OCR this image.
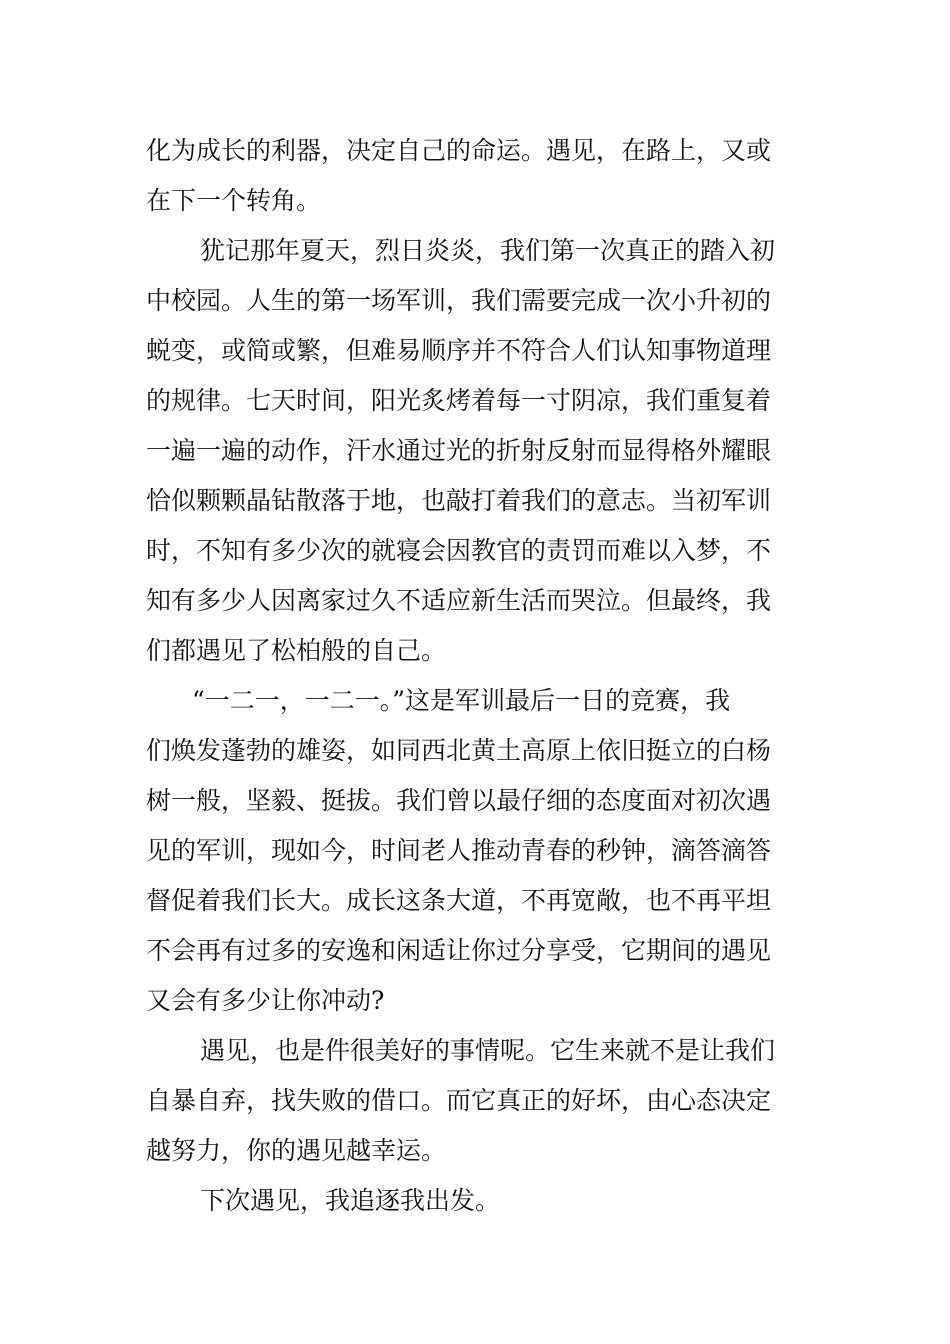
化为成长的利器，决定自己的命运。遇见，在路上，又或
在下一个转角。
犹记那年夏天，烈日炎炎，我们第一次真正的踏入初
中校园。人生的第一场军训，我们需要完成一次小升初的
蜕变，或简或繁，但难易顺序并不符合人们认知事物道理
的规律。七天时间，阳光炙烤着每一寸阴凉，我们重复着
一遍一遍的动作，汗水通过光的折射反射而显得格外耀眼
恰似颗颗晶钻散落于地，也敲打着我们的意志。当初军训
时，不知有多少次的就寝会因教官的责罚而难以入梦，不
知有多少人因离家过久不适应新生活而哭泣。但最终，我
们都遇见了松柏般的自己。
“一二一，一二一。”这是军训最后一日的竞赛，我
们焕发蓬勃的雄姿，如同西北黄土高原上依旧挺立的白杨
树一般，坚毅、挺拔。我们曾以最仔细的态度面对初次遇
见的军训，现如今，时间老人推动青春的秒钟，滴答滴答
督促着我们长大。成长这条大道，不再宽敞，也不再平坦
不会再有过多的安逸和闲适让你过分享受，它期间的遇见
又会有多少让你冲动?
遇见，也是件很美好的事情呢。它生来就不是让我们
自暴自弃，找失败的借口。而它真正的好坏，由心态决定
越努力，你的遇见越幸运。
下次遇见，我追逐我出发。
